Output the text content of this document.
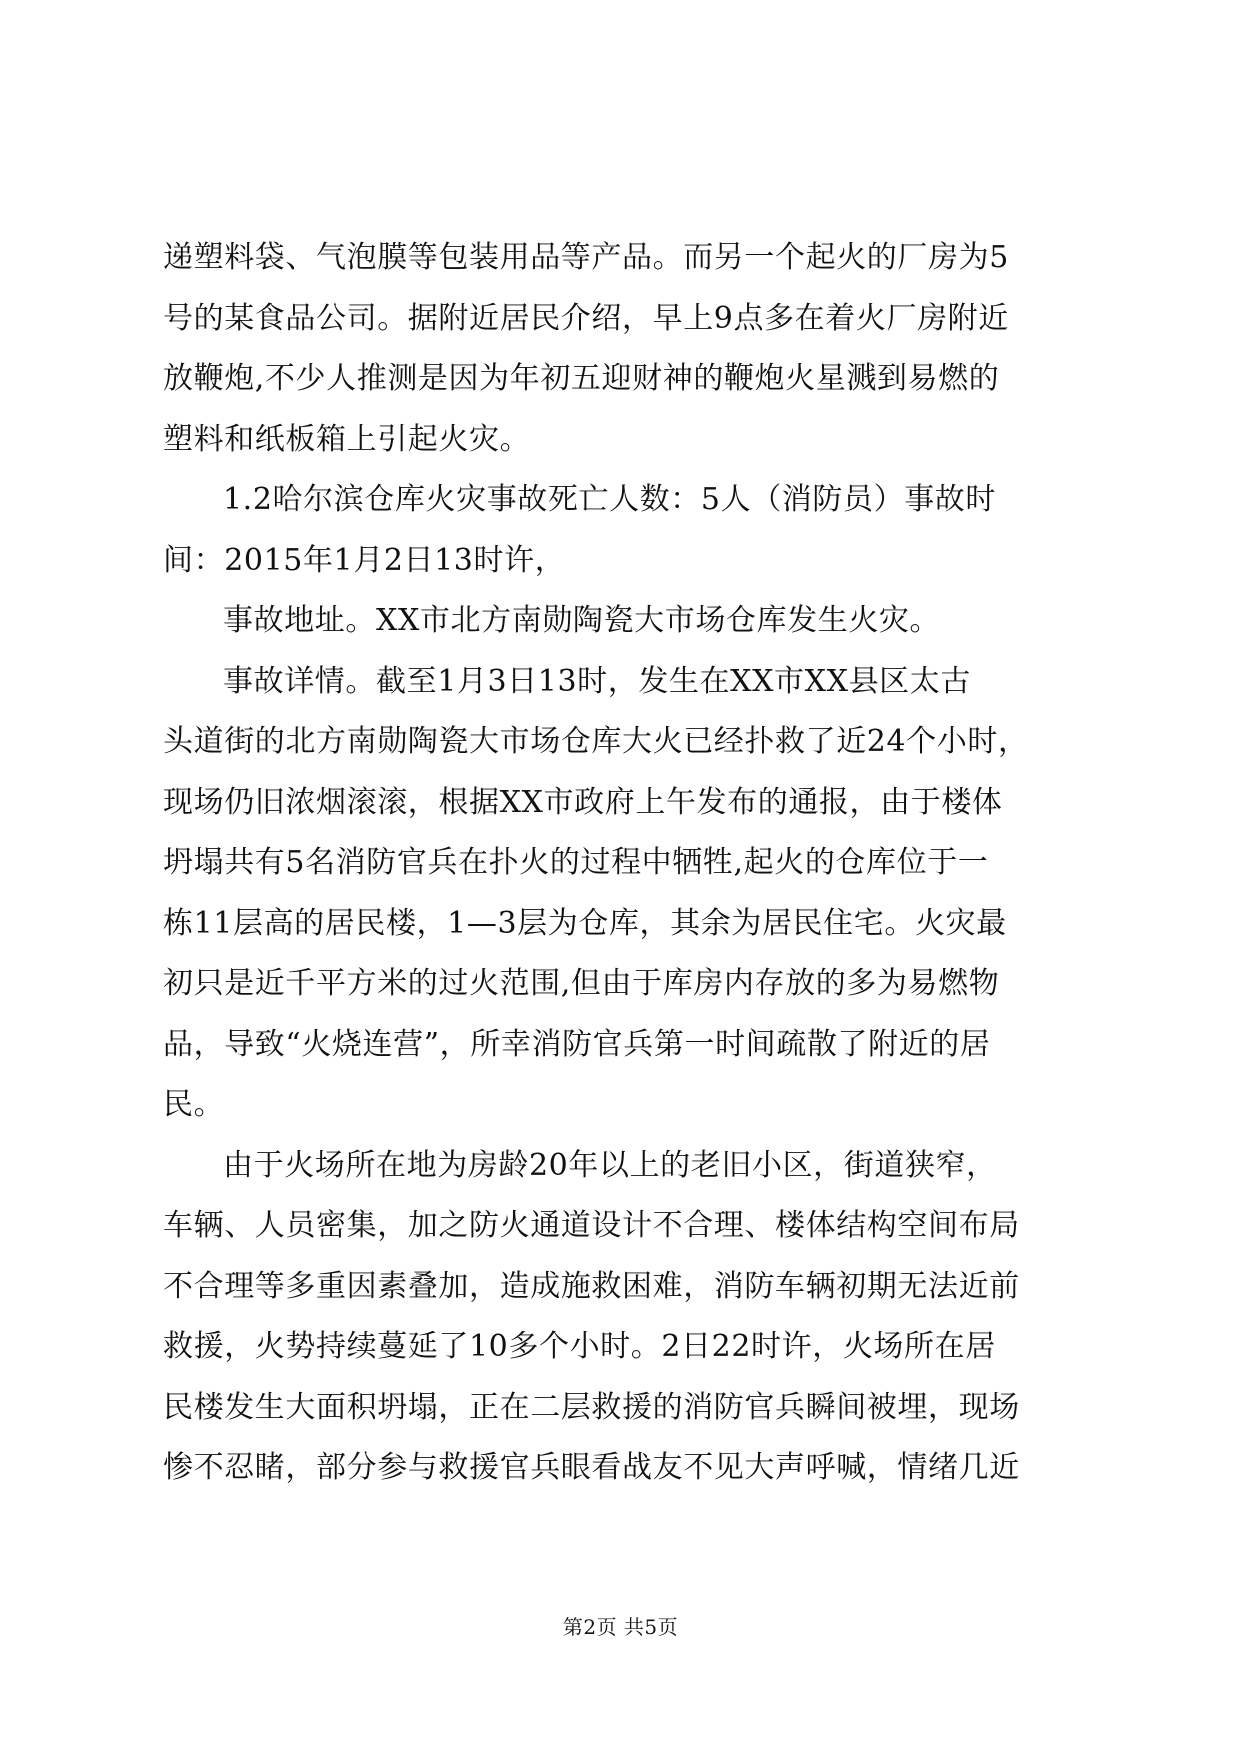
递塑料袋、气泡膜等包装用品等产品。而另一个起火的厂房为5
号的某食品公司。据附近居民介绍，早上9点多在着火厂房附近
放鞭炮,不少人推测是因为年初五迎财神的鞭炮火星溅到易燃的
塑料和纸板箱上引起火灾。
1.2哈尔滨仓库火灾事故死亡人数：5人（消防员）事故时
间：2015年1月2日13时许，
事故地址。XX市北方南勋陶瓷大市场仓库发生火灾。
事故详情。截至1月3日13时，发生在XX市XX县区太古
头道街的北方南勋陶瓷大市场仓库大火已经扑救了近24个小时，
现场仍旧浓烟滚滚，根据XX市政府上午发布的通报，由于楼体
坍塌共有5名消防官兵在扑火的过程中牺牲,起火的仓库位于一
栋11层高的居民楼，1—3层为仓库，其余为居民住宅。火灾最
初只是近千平方米的过火范围,但由于库房内存放的多为易燃物
品，导致“火烧连营”，所幸消防官兵第一时间疏散了附近的居
民。
由于火场所在地为房龄20年以上的老旧小区，街道狭窄，
车辆、人员密集，加之防火通道设计不合理、楼体结构空间布局
不合理等多重因素叠加，造成施救困难，消防车辆初期无法近前
救援，火势持续蔓延了10多个小时。2日22时许，火场所在居
民楼发生大面积坍塌，正在二层救援的消防官兵瞬间被埋，现场
惨不忍睹，部分参与救援官兵眼看战友不见大声呼喊，情绪几近
第2页 共5页
